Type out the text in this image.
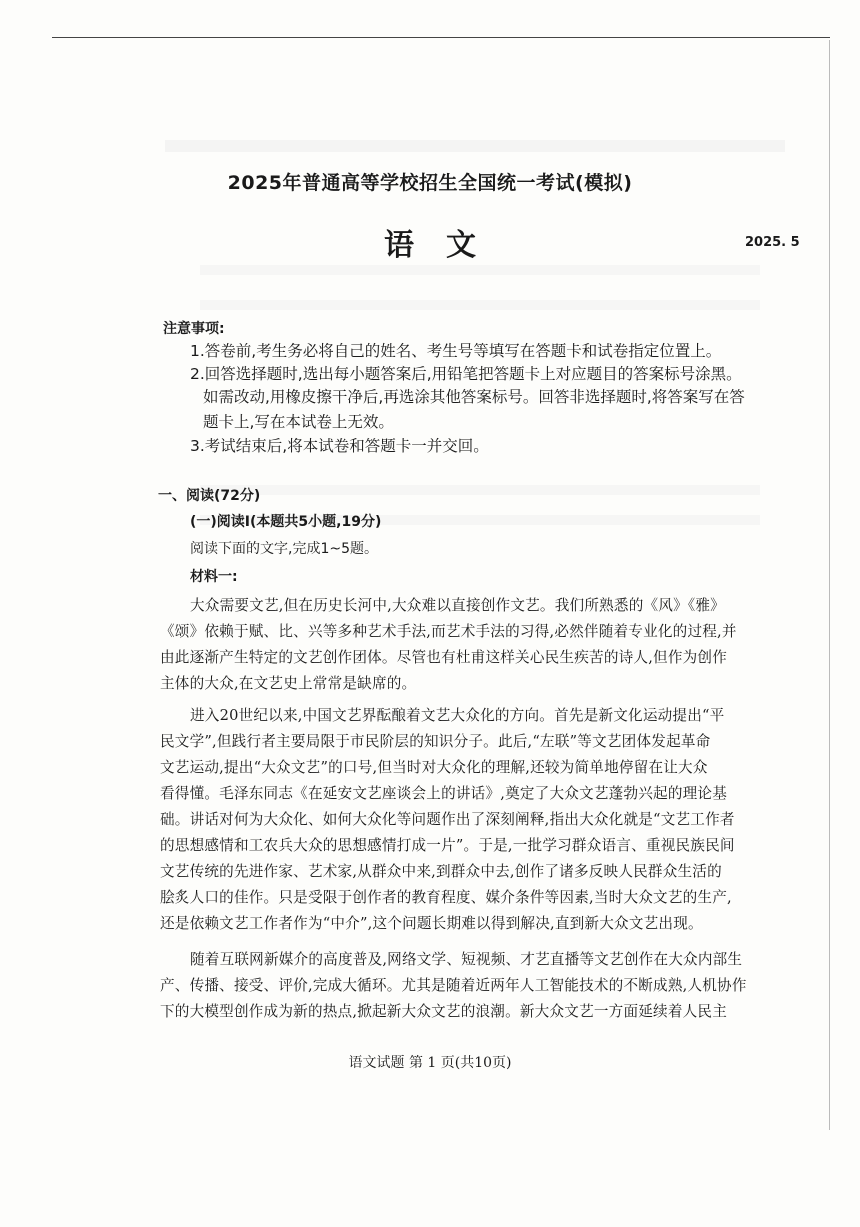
2025年普通高等学校招生全国统一考试(模拟)
语文	2025. 5
注意事项:
1.答卷前,考生务必将自己的姓名、考生号等填写在答题卡和试卷指定位置上。
2.回答选择题时,选出每小题答案后,用铅笔把答题卡上对应题目的答案标号涂黑。
如需改动,用橡皮擦干净后,再选涂其他答案标号。回答非选择题时,将答案写在答
题卡上,写在本试卷上无效。
3.考试结束后,将本试卷和答题卡一并交回。
一、阅读(72分)
(一)阅读Ⅰ(本题共5小题,19分)
阅读下面的文字,完成1~5题。
材料一:
大众需要文艺,但在历史长河中,大众难以直接创作文艺。我们所熟悉的《风》《雅》
《颂》依赖于赋、比、兴等多种艺术手法,而艺术手法的习得,必然伴随着专业化的过程,并
由此逐渐产生特定的文艺创作团体。尽管也有杜甫这样关心民生疾苦的诗人,但作为创作
主体的大众,在文艺史上常常是缺席的。
进入20世纪以来,中国文艺界酝酿着文艺大众化的方向。首先是新文化运动提出“平
民文学”,但践行者主要局限于市民阶层的知识分子。此后,“左联”等文艺团体发起革命
文艺运动,提出“大众文艺”的口号,但当时对大众化的理解,还较为简单地停留在让大众
看得懂。毛泽东同志《在延安文艺座谈会上的讲话》,奠定了大众文艺蓬勃兴起的理论基
础。讲话对何为大众化、如何大众化等问题作出了深刻阐释,指出大众化就是“文艺工作者
的思想感情和工农兵大众的思想感情打成一片”。于是,一批学习群众语言、重视民族民间
文艺传统的先进作家、艺术家,从群众中来,到群众中去,创作了诸多反映人民群众生活的
脍炙人口的佳作。只是受限于创作者的教育程度、媒介条件等因素,当时大众文艺的生产,
还是依赖文艺工作者作为“中介”,这个问题长期难以得到解决,直到新大众文艺出现。
随着互联网新媒介的高度普及,网络文学、短视频、才艺直播等文艺创作在大众内部生
产、传播、接受、评价,完成大循环。尤其是随着近两年人工智能技术的不断成熟,人机协作
下的大模型创作成为新的热点,掀起新大众文艺的浪潮。新大众文艺一方面延续着人民主
语文试题 第 1 页(共10页)
